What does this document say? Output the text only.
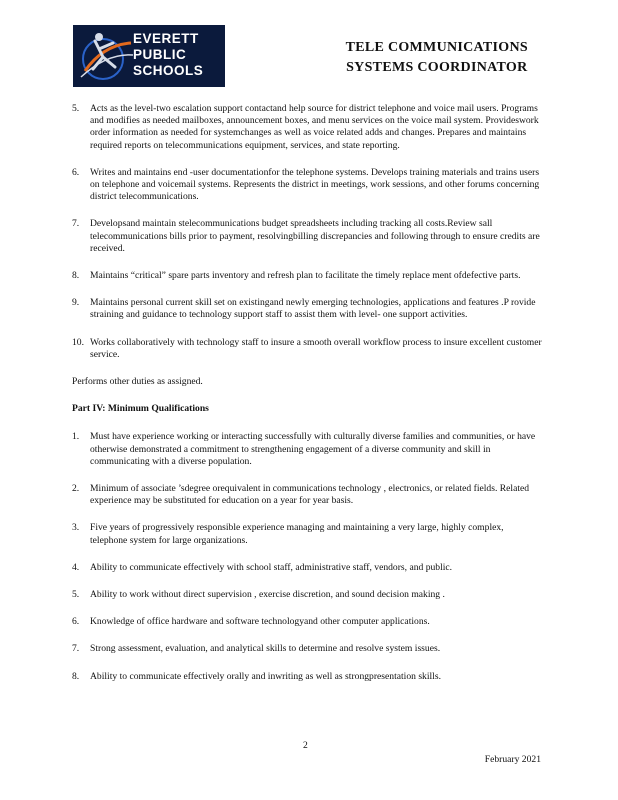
EVERETT
PUBLIC
SCHOOLS
TELE COMMUNICATIONS
SYSTEMS COORDINATOR
5. Acts as the level-two escalation support contactand help source for district telephone and voice mail users. Programs and modifies as needed mailboxes, announcement boxes, and menu services on the voice mail system. Provideswork order information as needed for systemchanges as well as voice related adds and changes. Prepares and maintains required reports on telecommunications equipment, services, and state reporting.
6. Writes and maintains end -user documentationfor the telephone systems. Develops training materials and trains users on telephone and voicemail systems. Represents the district in meetings, work sessions, and other forums concerning district telecommunications.
7. Developsand maintain stelecommunications budget spreadsheets including tracking all costs.Review sall telecommunications bills prior to payment, resolvingbilling discrepancies and following through to ensure credits are received.
8. Maintains “critical” spare parts inventory and refresh plan to facilitate the timely replace ment ofdefective parts.
9. Maintains personal current skill set on existingand newly emerging technologies, applications and features .P rovide straining and guidance to technology support staff to assist them with level- one support activities.
10. Works collaboratively with technology staff to insure a smooth overall workflow process to insure excellent customer service.
Performs other duties as assigned.
Part IV: Minimum Qualifications
1. Must have experience working or interacting successfully with culturally diverse families and communities, or have otherwise demonstrated a commitment to strengthening engagement of a diverse community and skill in communicating with a diverse population.
2. Minimum of associate ’sdegree orequivalent in communications technology , electronics, or related fields. Related experience may be substituted for education on a year for year basis.
3. Five years of progressively responsible experience managing and maintaining a very large, highly complex, telephone system for large organizations.
4. Ability to communicate effectively with school staff, administrative staff, vendors, and public.
5. Ability to work without direct supervision , exercise discretion, and sound decision making .
6. Knowledge of office hardware and software technologyand other computer applications.
7. Strong assessment, evaluation, and analytical skills to determine and resolve system issues.
8. Ability to communicate effectively orally and inwriting as well as strongpresentation skills.
2
February 2021
